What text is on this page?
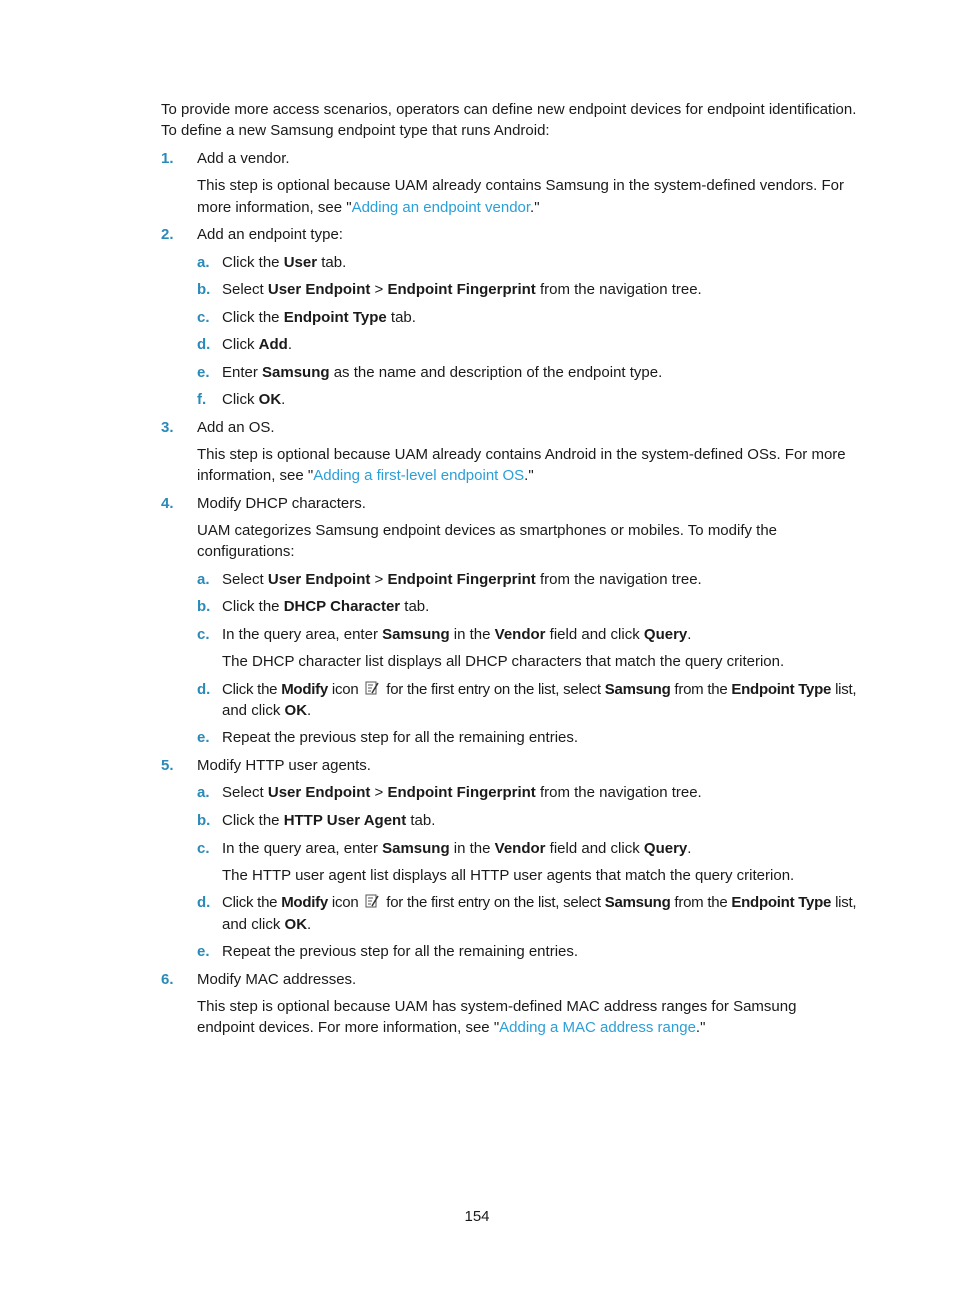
To provide more access scenarios, operators can define new endpoint devices for endpoint identification.
To define a new Samsung endpoint type that runs Android:
1. Add a vendor.
This step is optional because UAM already contains Samsung in the system-defined vendors. For
more information, see "Adding an endpoint vendor."
2. Add an endpoint type:
a. Click the User tab.
b. Select User Endpoint > Endpoint Fingerprint from the navigation tree.
c. Click the Endpoint Type tab.
d. Click Add.
e. Enter Samsung as the name and description of the endpoint type.
f. Click OK.
3. Add an OS.
This step is optional because UAM already contains Android in the system-defined OSs. For more
information, see "Adding a first-level endpoint OS."
4. Modify DHCP characters.
UAM categorizes Samsung endpoint devices as smartphones or mobiles. To modify the
configurations:
a. Select User Endpoint > Endpoint Fingerprint from the navigation tree.
b. Click the DHCP Character tab.
c. In the query area, enter Samsung in the Vendor field and click Query.
The DHCP character list displays all DHCP characters that match the query criterion.
d. Click the Modify icon  for the first entry on the list, select Samsung from the Endpoint Type list,
and click OK.
e. Repeat the previous step for all the remaining entries.
5. Modify HTTP user agents.
a. Select User Endpoint > Endpoint Fingerprint from the navigation tree.
b. Click the HTTP User Agent tab.
c. In the query area, enter Samsung in the Vendor field and click Query.
The HTTP user agent list displays all HTTP user agents that match the query criterion.
d. Click the Modify icon  for the first entry on the list, select Samsung from the Endpoint Type list,
and click OK.
e. Repeat the previous step for all the remaining entries.
6. Modify MAC addresses.
This step is optional because UAM has system-defined MAC address ranges for Samsung
endpoint devices. For more information, see "Adding a MAC address range."
154
